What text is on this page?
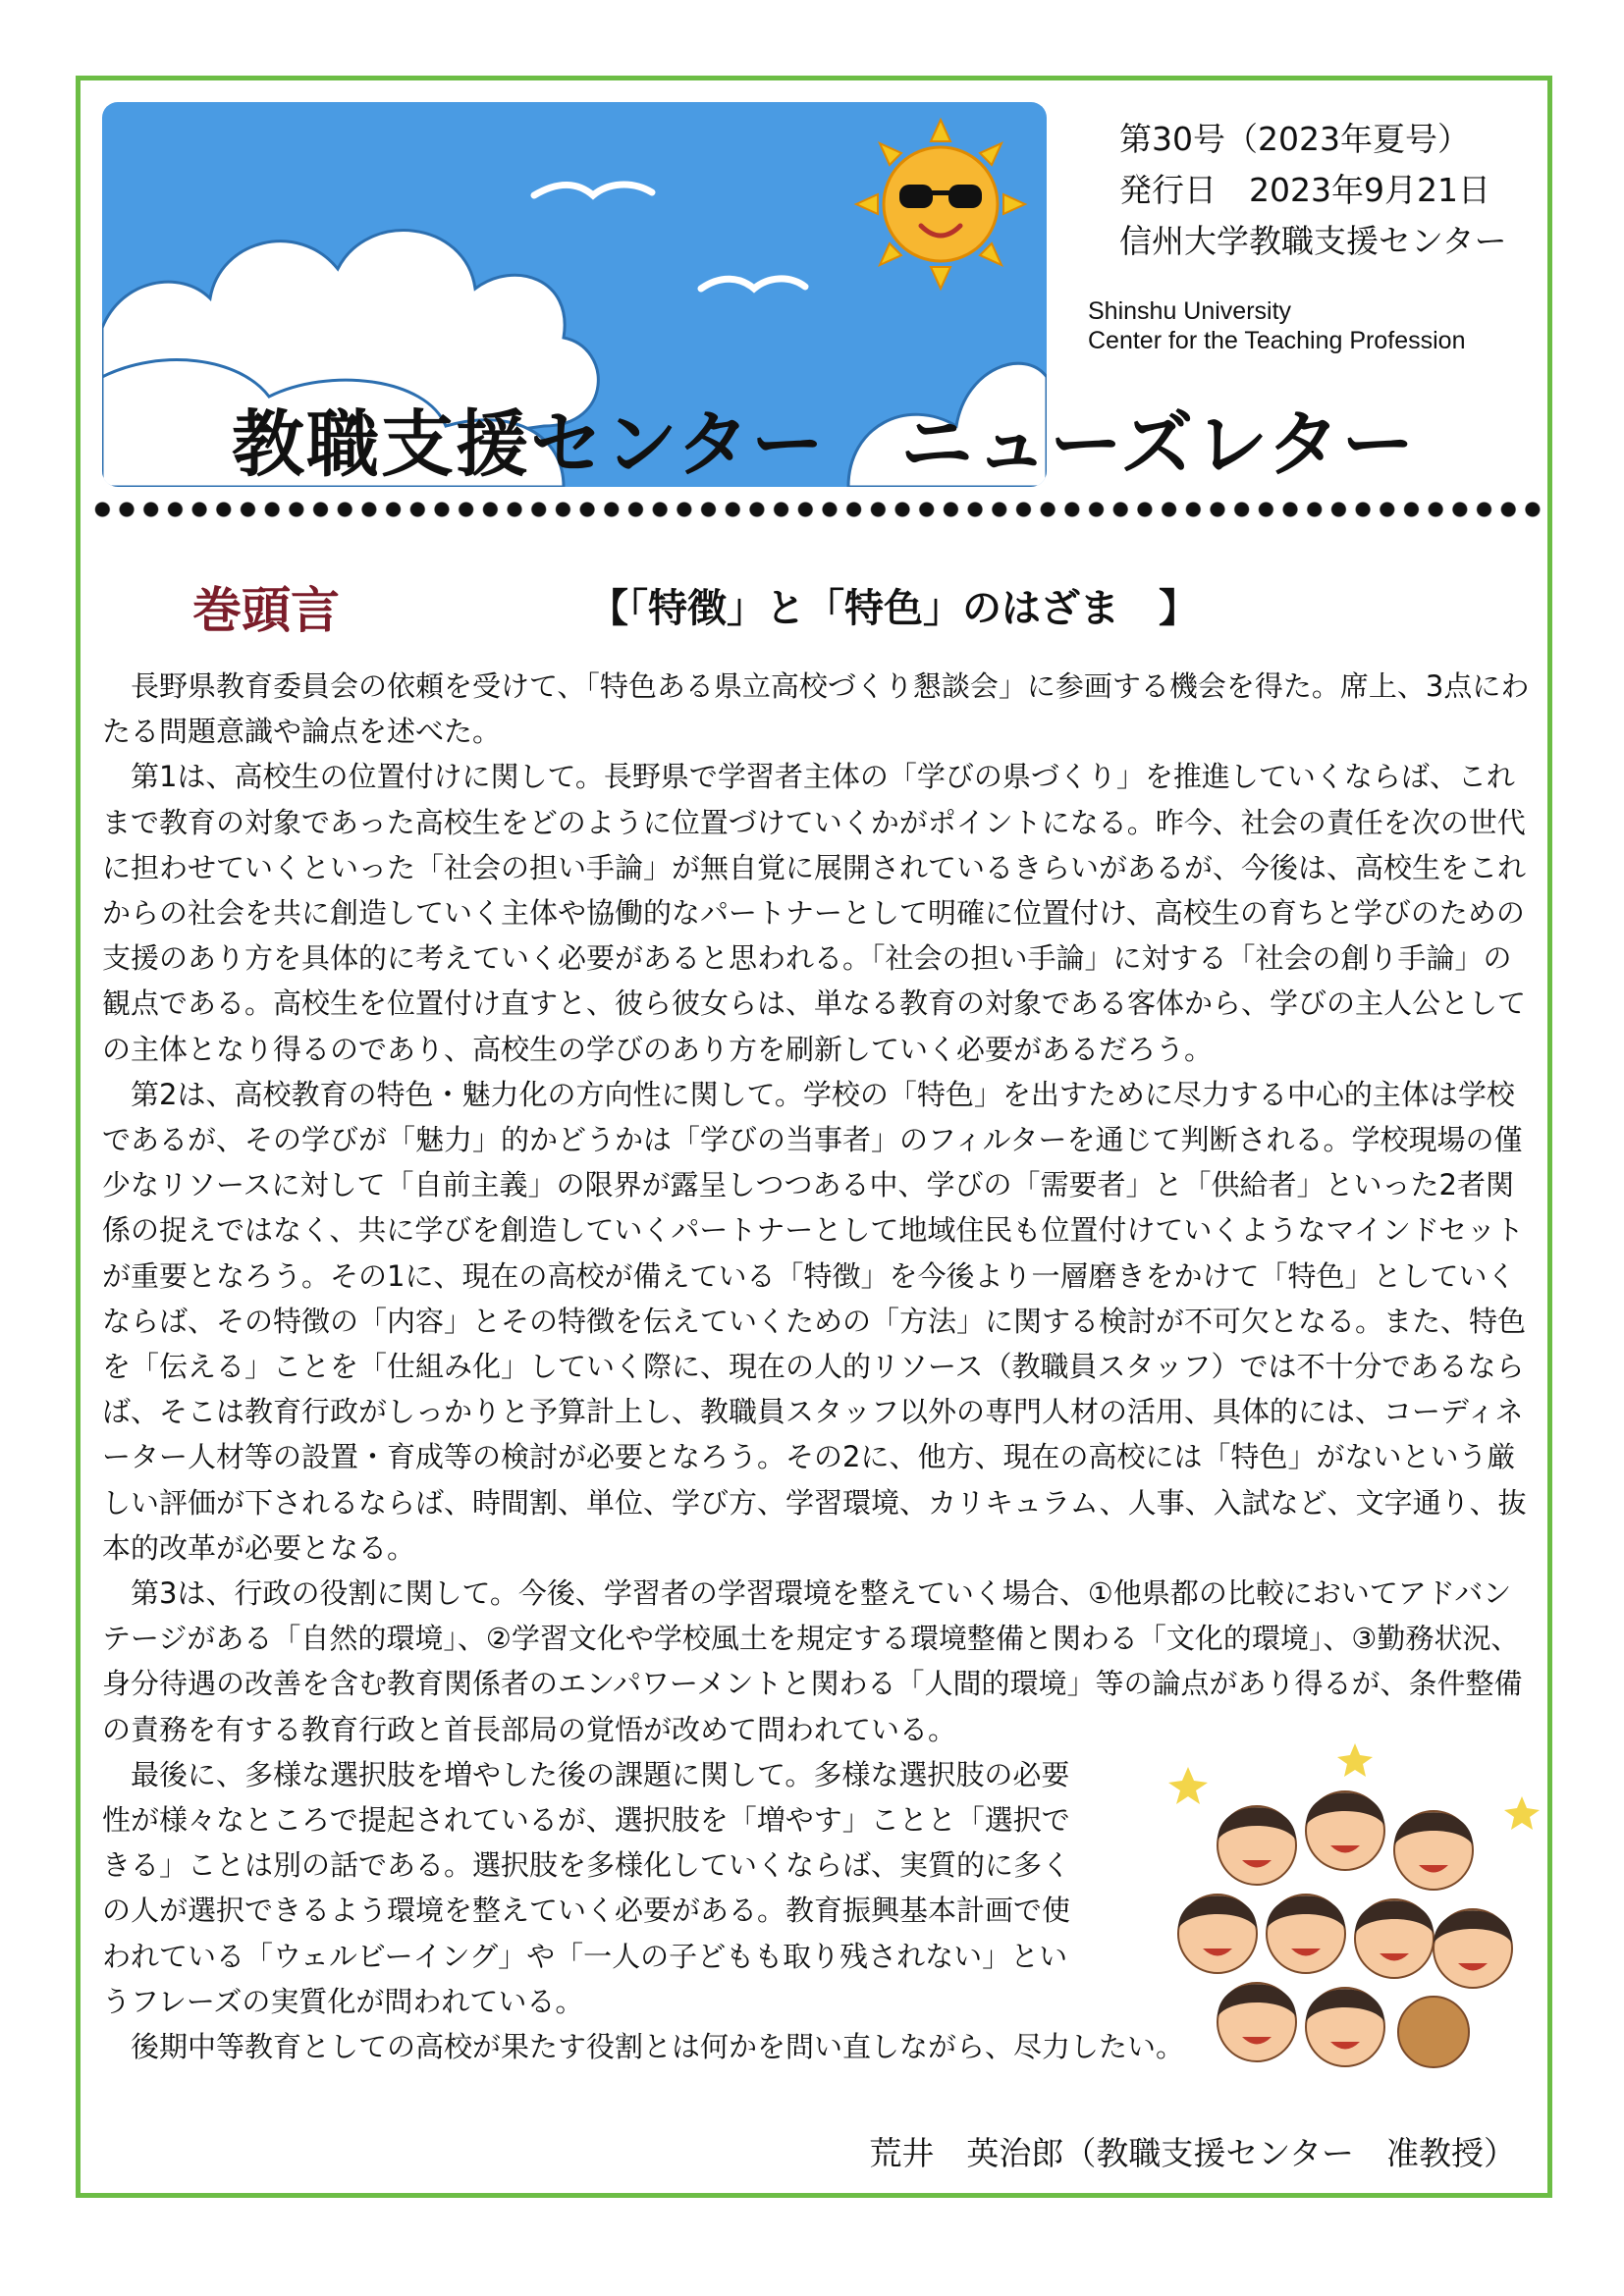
第30号（2023年夏号）
発行日　2023年9月21日
信州大学教職支援センター
Shinshu University
Center for the Teaching Profession
教職支援センター　ニューズレター
巻頭言	【「特徴」と「特色」のはざま　】

長野県教育委員会の依頼を受けて、「特色ある県立高校づくり懇談会」に参画する機会を得た。席上、3点にわたる問題意識や論点を述べた。

第1は、高校生の位置付けに関して。長野県で学習者主体の「学びの県づくり」を推進していくならば、これまで教育の対象であった高校生をどのように位置づけていくかがポイントになる。昨今、社会の責任を次の世代に担わせていくといった「社会の担い手論」が無自覚に展開されているきらいがあるが、今後は、高校生をこれからの社会を共に創造していく主体や協働的なパートナーとして明確に位置付け、高校生の育ちと学びのための支援のあり方を具体的に考えていく必要があると思われる。「社会の担い手論」に対する「社会の創り手論」の観点である。高校生を位置付け直すと、彼ら彼女らは、単なる教育の対象である客体から、学びの主人公としての主体となり得るのであり、高校生の学びのあり方を刷新していく必要があるだろう。

第2は、高校教育の特色・魅力化の方向性に関して。学校の「特色」を出すために尽力する中心的主体は学校であるが、その学びが「魅力」的かどうかは「学びの当事者」のフィルターを通じて判断される。学校現場の僅少なリソースに対して「自前主義」の限界が露呈しつつある中、学びの「需要者」と「供給者」といった2者関係の捉えではなく、共に学びを創造していくパートナーとして地域住民も位置付けていくようなマインドセットが重要となろう。その1に、現在の高校が備えている「特徴」を今後より一層磨きをかけて「特色」としていくならば、その特徴の「内容」とその特徴を伝えていくための「方法」に関する検討が不可欠となる。また、特色を「伝える」ことを「仕組み化」していく際に、現在の人的リソース（教職員スタッフ）では不十分であるならば、そこは教育行政がしっかりと予算計上し、教職員スタッフ以外の専門人材の活用、具体的には、コーディネーター人材等の設置・育成等の検討が必要となろう。その2に、他方、現在の高校には「特色」がないという厳しい評価が下されるならば、時間割、単位、学び方、学習環境、カリキュラム、人事、入試など、文字通り、抜本的改革が必要となる。

第3は、行政の役割に関して。今後、学習者の学習環境を整えていく場合、①他県都の比較においてアドバンテージがある「自然的環境」、②学習文化や学校風土を規定する環境整備と関わる「文化的環境」、③勤務状況、身分待遇の改善を含む教育関係者のエンパワーメントと関わる「人間的環境」等の論点があり得るが、条件整備の責務を有する教育行政と首長部局の覚悟が改めて問われている。

最後に、多様な選択肢を増やした後の課題に関して。多様な選択肢の必要性が様々なところで提起されているが、選択肢を「増やす」ことと「選択できる」ことは別の話である。選択肢を多様化していくならば、実質的に多くの人が選択できるよう環境を整えていく必要がある。教育振興基本計画で使われている「ウェルビーイング」や「一人の子どもも取り残されない」というフレーズの実質化が問われている。

後期中等教育としての高校が果たす役割とは何かを問い直しながら、尽力したい。

荒井　英治郎（教職支援センター　准教授）
